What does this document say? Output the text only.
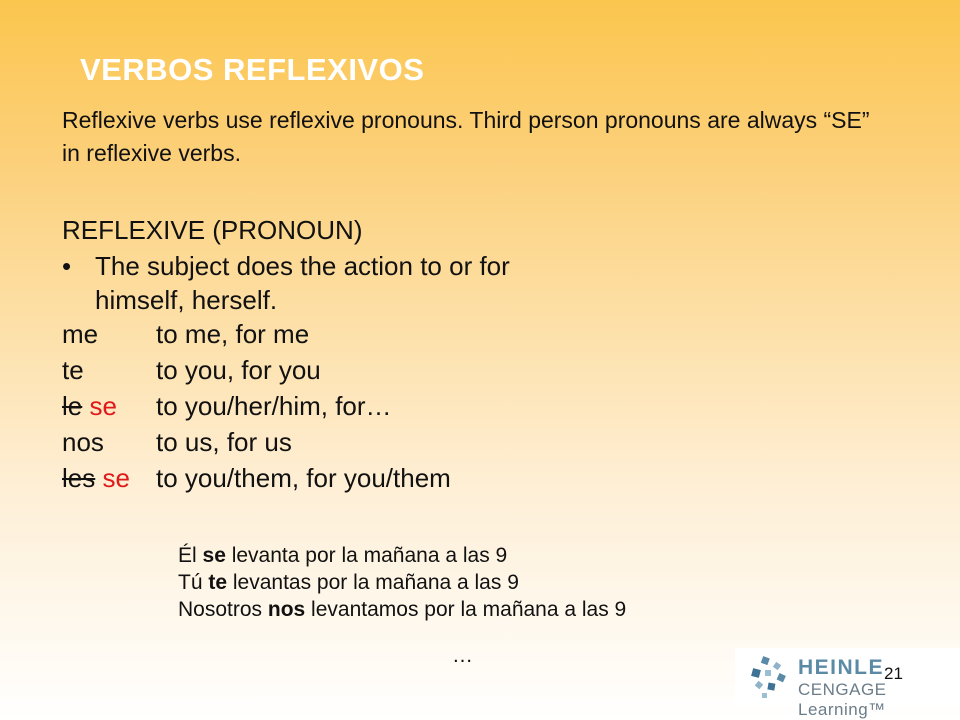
VERBOS REFLEXIVOS

Reflexive verbs use reflexive pronouns. Third person pronouns are always “SE” in reflexive verbs.

REFLEXIVE (PRONOUN)

• The subject does the action to or for himself, herself.
me	to me, for me
te	to you, for you
le se	to you/her/him, for…
nos	to us, for us
les se	to you/them, for you/them
Él se levanta por la mañana a las 9
Tú te levantas por la mañana a las 9
Nosotros nos levantamos por la mañana a las 9
…
HEINLE
CENGAGE Learning™
21
